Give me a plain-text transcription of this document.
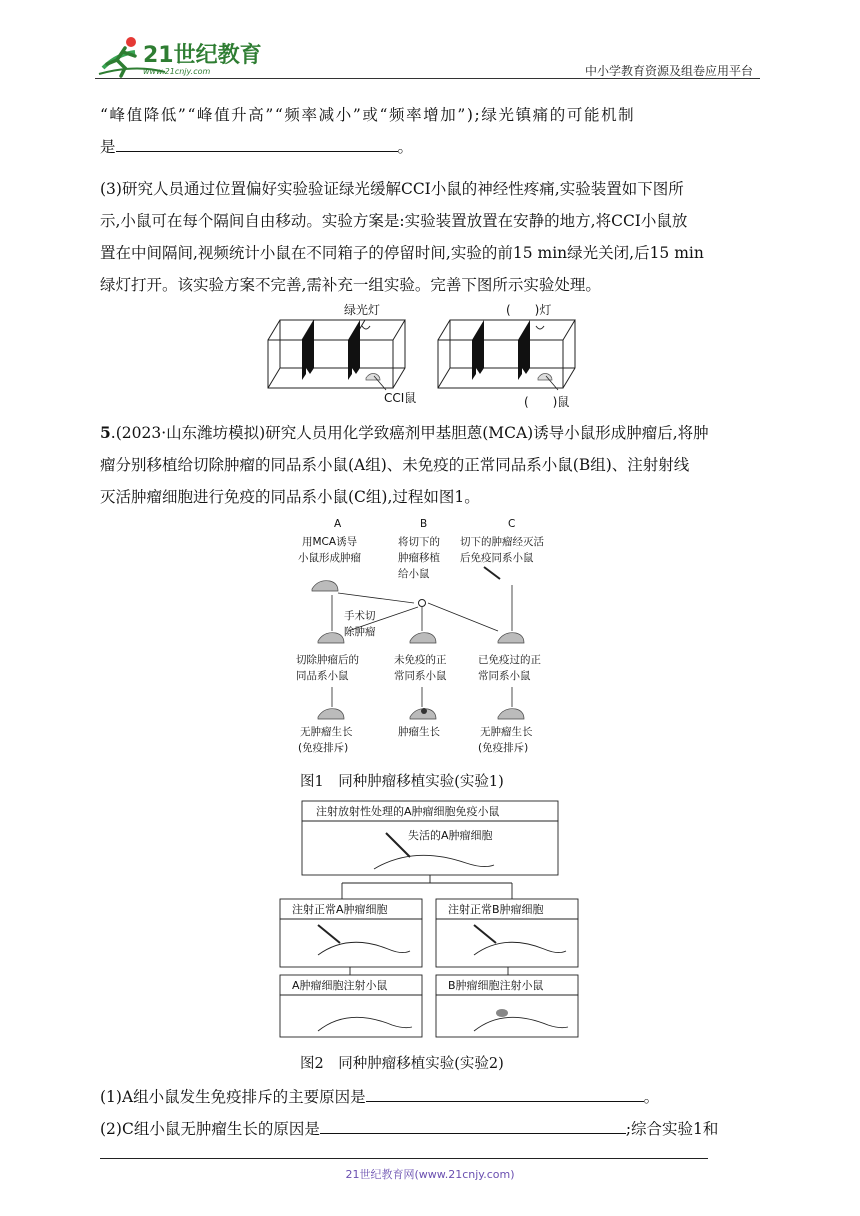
21世纪教育
www.21cnjy.com	中小学教育资源及组卷应用平台
“峰值降低”“峰值升高”“频率减小”或“频率增加”);绿光镇痛的可能机制
是	。
(3)研究人员通过位置偏好实验验证绿光缓解CCI小鼠的神经性疼痛,实验装置如下图所
示,小鼠可在每个隔间自由移动。实验方案是:实验装置放置在安静的地方,将CCI小鼠放
置在中间隔间,视频统计小鼠在不同箱子的停留时间,实验的前15 min绿光关闭,后15 min
绿灯打开。该实验方案不完善,需补充一组实验。完善下图所示实验处理。
绿光灯
CCI鼠
(　　)灯
(　　)鼠
5.(2023·山东潍坊模拟)研究人员用化学致癌剂甲基胆蒽(MCA)诱导小鼠形成肿瘤后,将肿
瘤分别移植给切除肿瘤的同品系小鼠(A组)、未免疫的正常同品系小鼠(B组)、注射射线
灭活肿瘤细胞进行免疫的同品系小鼠(C组),过程如图1。
A	B	C
用MCA诱导
小鼠形成肿瘤
将切下的
肿瘤移植
给小鼠
切下的肿瘤经灭活
后免疫同系小鼠
手术切
除肿瘤
切除肿瘤后的
同品系小鼠
未免疫的正
常同系小鼠
已免疫过的正
常同系小鼠
无肿瘤生长
(免疫排斥)
肿瘤生长	无肿瘤生长
(免疫排斥)
图1　同种肿瘤移植实验(实验1)
注射放射性处理的A肿瘤细胞免疫小鼠
失活的A肿瘤细胞
注射正常A肿瘤细胞	注射正常B肿瘤细胞
A肿瘤细胞注射小鼠	B肿瘤细胞注射小鼠
图2　同种肿瘤移植实验(实验2)
(1)A组小鼠发生免疫排斥的主要原因是	。
(2)C组小鼠无肿瘤生长的原因是	;综合实验1和
21世纪教育网(www.21cnjy.com)
